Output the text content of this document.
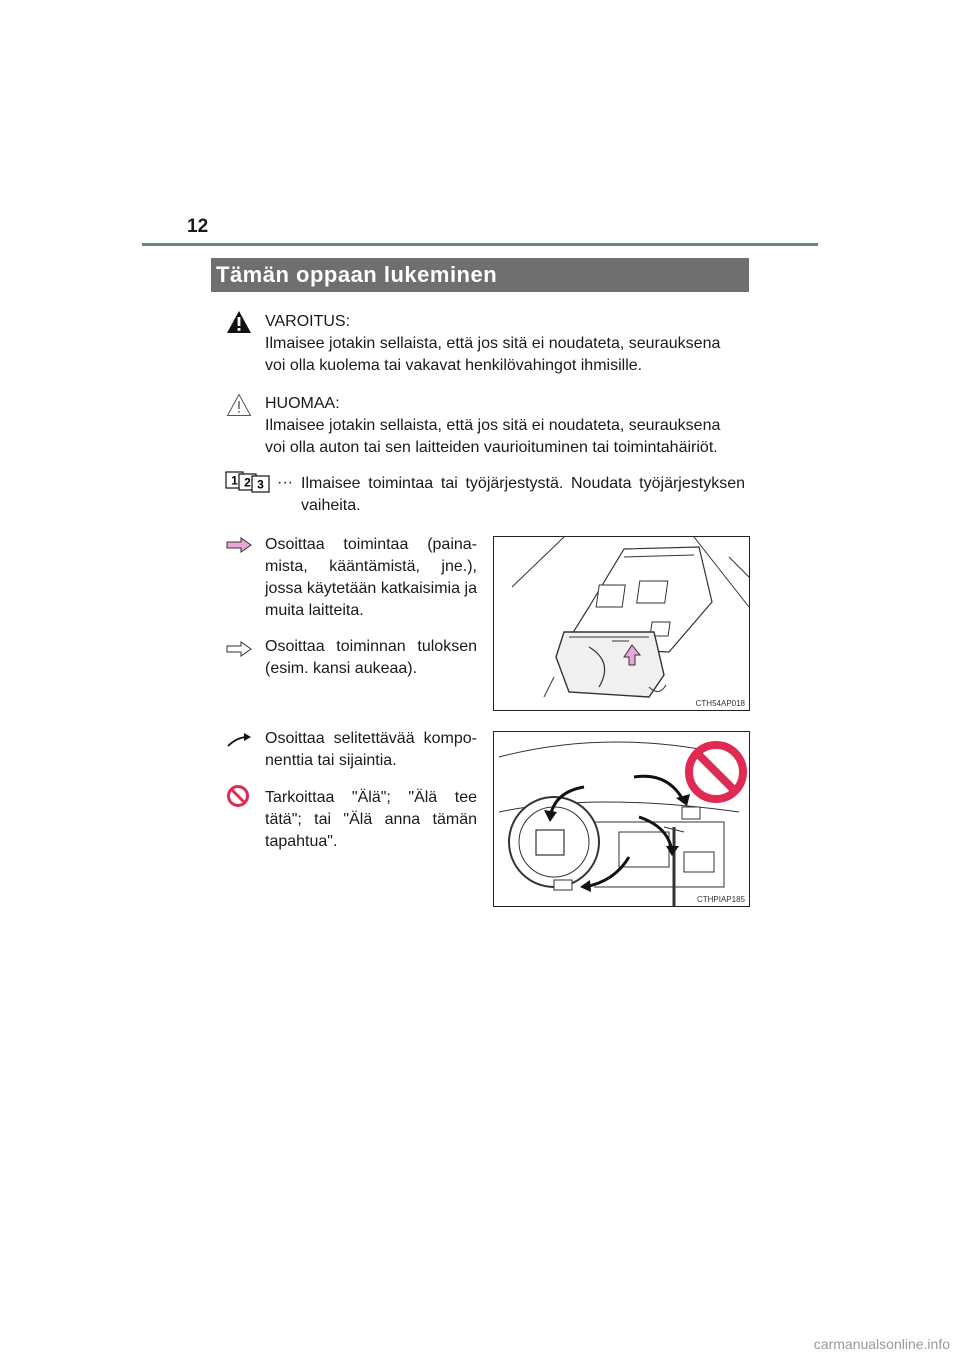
12
Tämän oppaan lukeminen
VAROITUS:
Ilmaisee jotakin sellaista, että jos sitä ei noudateta, seurauksena voi olla kuolema tai vakavat henkilövahingot ihmisille.
HUOMAA:
Ilmaisee jotakin sellaista, että jos sitä ei noudateta, seurauksena voi olla auton tai sen laitteiden vaurioituminen tai toimintahäiriöt.
1 2 3 ··· Ilmaisee toimintaa tai työjärjestystä. Noudata työjärjestyksen vaiheita.
Osoittaa toimintaa (paina-mista, kääntämistä, jne.), jossa käytetään katkaisimia ja muita laitteita.
Osoittaa toiminnan tuloksen (esim. kansi aukeaa).
CTH54AP018
Osoittaa selitettävää kompo-nenttia tai sijaintia.
Tarkoittaa "Älä"; "Älä tee tätä"; tai "Älä anna tämän tapahtua".
CTHPIAP185
carmanualsonline.info
